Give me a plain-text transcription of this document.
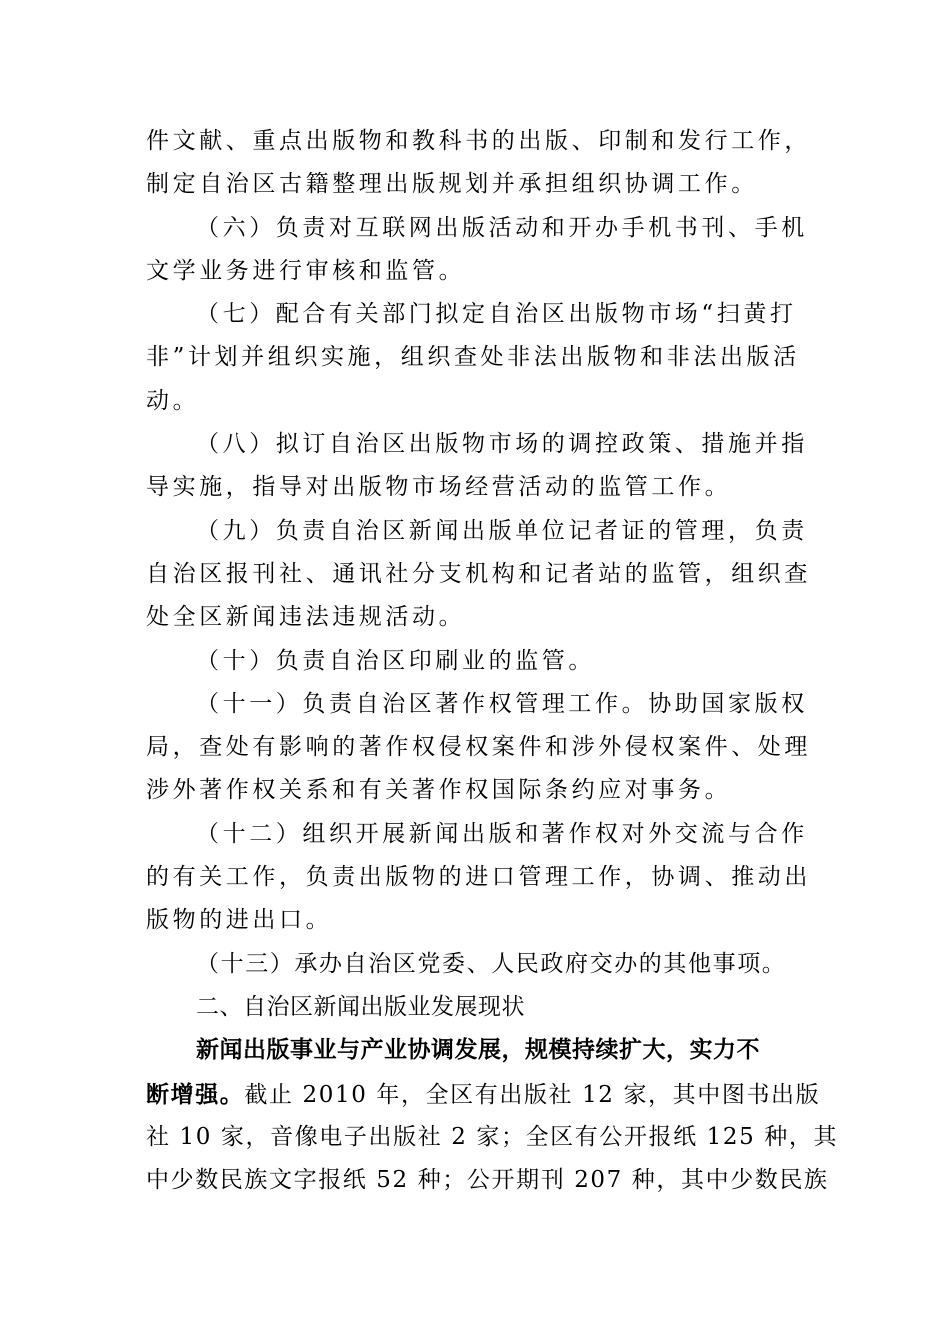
件文献、重点出版物和教科书的出版、印制和发行工作，
制定自治区古籍整理出版规划并承担组织协调工作。
（六）负责对互联网出版活动和开办手机书刊、手机
文学业务进行审核和监管。
（七）配合有关部门拟定自治区出版物市场“扫黄打
非”计划并组织实施，组织查处非法出版物和非法出版活
动。
（八）拟订自治区出版物市场的调控政策、措施并指
导实施，指导对出版物市场经营活动的监管工作。
（九）负责自治区新闻出版单位记者证的管理，负责
自治区报刊社、通讯社分支机构和记者站的监管，组织查
处全区新闻违法违规活动。
（十）负责自治区印刷业的监管。
（十一）负责自治区著作权管理工作。协助国家版权
局，查处有影响的著作权侵权案件和涉外侵权案件、处理
涉外著作权关系和有关著作权国际条约应对事务。
（十二）组织开展新闻出版和著作权对外交流与合作
的有关工作，负责出版物的进口管理工作，协调、推动出
版物的进出口。
（十三）承办自治区党委、人民政府交办的其他事项。
二、自治区新闻出版业发展现状
新闻出版事业与产业协调发展，规模持续扩大，实力不
断增强。截止 2010 年，全区有出版社 12 家，其中图书出版
社 10 家，音像电子出版社 2 家；全区有公开报纸 125 种，其
中少数民族文字报纸 52 种；公开期刊 207 种，其中少数民族
